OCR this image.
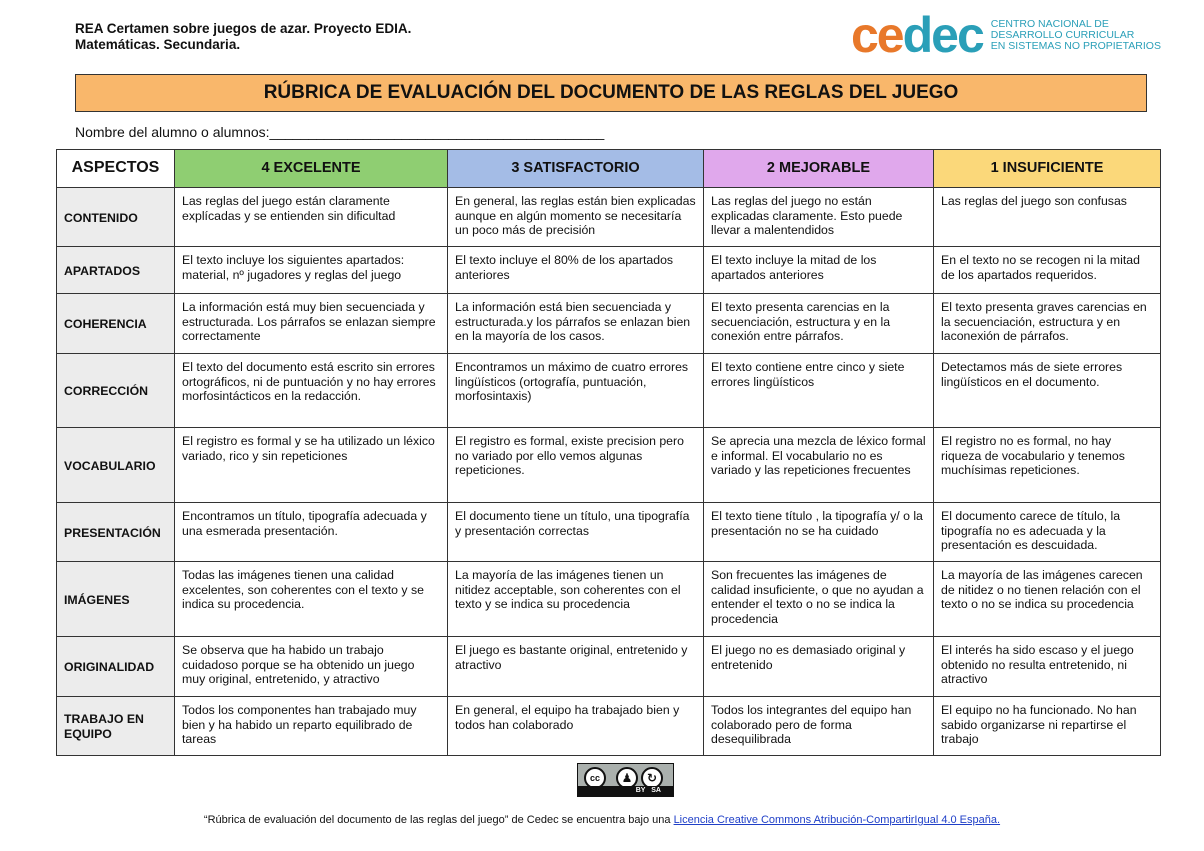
REA Certamen sobre juegos de azar. Proyecto EDIA.
Matemáticas. Secundaria.	cedec CENTRO NACIONAL DE
DESARROLLO CURRICULAR
EN SISTEMAS NO PROPIETARIOS
RÚBRICA DE EVALUACIÓN DEL DOCUMENTO DE LAS REGLAS DEL JUEGO
Nombre del alumno o alumnos:___________________________________________
ASPECTOS	4 EXCELENTE	3 SATISFACTORIO	2 MEJORABLE	1 INSUFICIENTE
CONTENIDO	Las reglas del juego están claramente explícadas y se entienden sin dificultad	En general, las reglas están bien explicadas aunque en algún momento se necesitaría un poco más de precisión	Las reglas del juego no están explicadas claramente. Esto puede llevar a malentendidos	Las reglas del juego son confusas
APARTADOS	El texto incluye los siguientes apartados: material, nº jugadores y reglas del juego	El texto incluye el 80% de los apartados anteriores	El texto incluye la mitad de los apartados anteriores	En el texto no se recogen ni la mitad de los apartados requeridos.
COHERENCIA	La información está muy bien secuenciada y estructurada. Los párrafos se enlazan siempre correctamente	La información está bien secuenciada y estructurada.y los párrafos se enlazan bien en la mayoría de los casos.	El texto presenta carencias en la secuenciación, estructura y en la conexión entre párrafos.	El texto presenta graves carencias en la secuenciación, estructura y en laconexión de párrafos.
CORRECCIÓN	El texto del documento está escrito sin errores ortográficos, ni de puntuación y no hay errores morfosintácticos en la redacción.	Encontramos un máximo de cuatro errores lingüísticos (ortografía, puntuación, morfosintaxis)	El texto contiene entre cinco y siete errores lingüísticos	Detectamos más de siete errores lingüísticos en el documento.
VOCABULARIO	El registro es formal y se ha utilizado un léxico variado, rico y sin repeticiones	El registro es formal, existe precision pero no variado por ello vemos algunas repeticiones.	Se aprecia una mezcla de léxico formal e informal. El vocabulario no es variado y las repeticiones frecuentes	El registro no es formal, no hay riqueza de vocabulario y tenemos muchísimas repeticiones.
PRESENTACIÓN	Encontramos un título, tipografía adecuada y una esmerada presentación.	El documento tiene un título, una tipografía y presentación correctas	El texto tiene título , la tipografía y/ o la presentación no se ha cuidado	El documento carece de título, la tipografía no es adecuada y la presentación es descuidada.
IMÁGENES	Todas las imágenes tienen una calidad excelentes, son coherentes con el texto y se indica su procedencia.	La mayoría de las imágenes tienen un nitidez acceptable, son coherentes con el texto y se indica su procedencia	Son frecuentes las imágenes de calidad insuficiente, o que no ayudan a entender el texto o no se indica la procedencia	La mayoría de las imágenes carecen de nitidez o no tienen relación con el texto o no se indica su procedencia
ORIGINALIDAD	Se observa que ha habido un trabajo cuidadoso porque se ha obtenido un juego muy original, entretenido, y atractivo	El juego es bastante original, entretenido y atractivo	El juego no es demasiado original y entretenido	El interés ha sido escaso y el juego obtenido no resulta entretenido, ni atractivo
TRABAJO EN EQUIPO	Todos los componentes han trabajado muy bien y ha habido un reparto equilibrado de tareas	En general, el equipo ha trabajado bien y todos han colaborado	Todos los integrantes del equipo han colaborado pero de forma desequilibrada	El equipo no ha funcionado. No han sabido organizarse ni repartirse el trabajo
cc	♟	↻
BY SA
“Rúbrica de evaluación del documento de las reglas del juego” de Cedec se encuentra bajo una Licencia Creative Commons Atribución-CompartirIgual 4.0 España.
